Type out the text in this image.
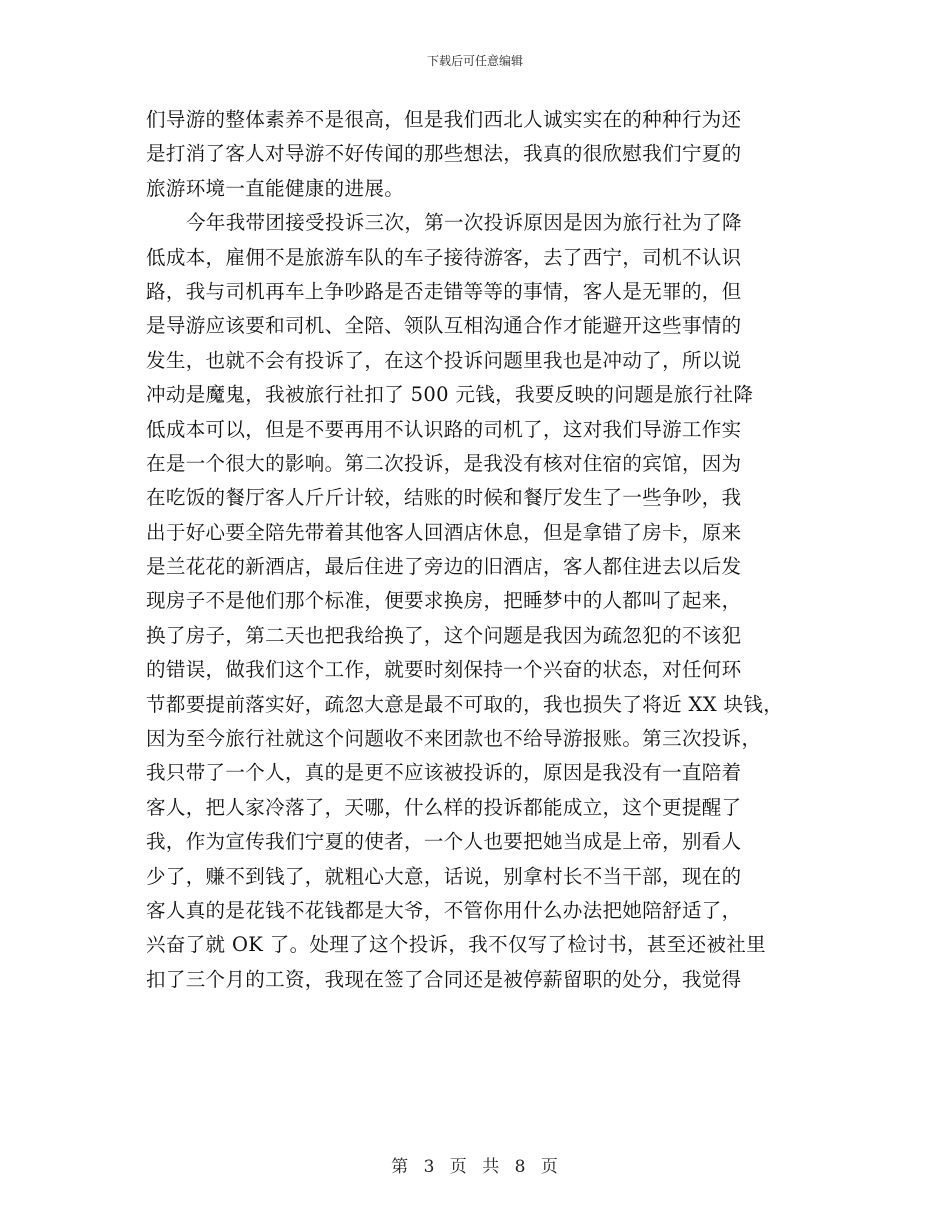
下载后可任意编辑
们导游的整体素养不是很高，但是我们西北人诚实实在的种种行为还
是打消了客人对导游不好传闻的那些想法，我真的很欣慰我们宁夏的
旅游环境一直能健康的进展。
今年我带团接受投诉三次，第一次投诉原因是因为旅行社为了降
低成本，雇佣不是旅游车队的车子接待游客，去了西宁，司机不认识
路，我与司机再车上争吵路是否走错等等的事情，客人是无罪的，但
是导游应该要和司机、全陪、领队互相沟通合作才能避开这些事情的
发生，也就不会有投诉了，在这个投诉问题里我也是冲动了，所以说
冲动是魔鬼，我被旅行社扣了 500 元钱，我要反映的问题是旅行社降
低成本可以，但是不要再用不认识路的司机了，这对我们导游工作实
在是一个很大的影响。第二次投诉，是我没有核对住宿的宾馆，因为
在吃饭的餐厅客人斤斤计较，结账的时候和餐厅发生了一些争吵，我
出于好心要全陪先带着其他客人回酒店休息，但是拿错了房卡，原来
是兰花花的新酒店，最后住进了旁边的旧酒店，客人都住进去以后发
现房子不是他们那个标准，便要求换房，把睡梦中的人都叫了起来，
换了房子，第二天也把我给换了，这个问题是我因为疏忽犯的不该犯
的错误，做我们这个工作，就要时刻保持一个兴奋的状态，对任何环
节都要提前落实好，疏忽大意是最不可取的，我也损失了将近 XX 块钱，
因为至今旅行社就这个问题收不来团款也不给导游报账。第三次投诉，
我只带了一个人，真的是更不应该被投诉的，原因是我没有一直陪着
客人，把人家冷落了，天哪，什么样的投诉都能成立，这个更提醒了
我，作为宣传我们宁夏的使者，一个人也要把她当成是上帝，别看人
少了，赚不到钱了，就粗心大意，话说，别拿村长不当干部，现在的
客人真的是花钱不花钱都是大爷，不管你用什么办法把她陪舒适了，
兴奋了就 OK 了。处理了这个投诉，我不仅写了检讨书，甚至还被社里
扣了三个月的工资，我现在签了合同还是被停薪留职的处分，我觉得
第 3 页 共 8 页
